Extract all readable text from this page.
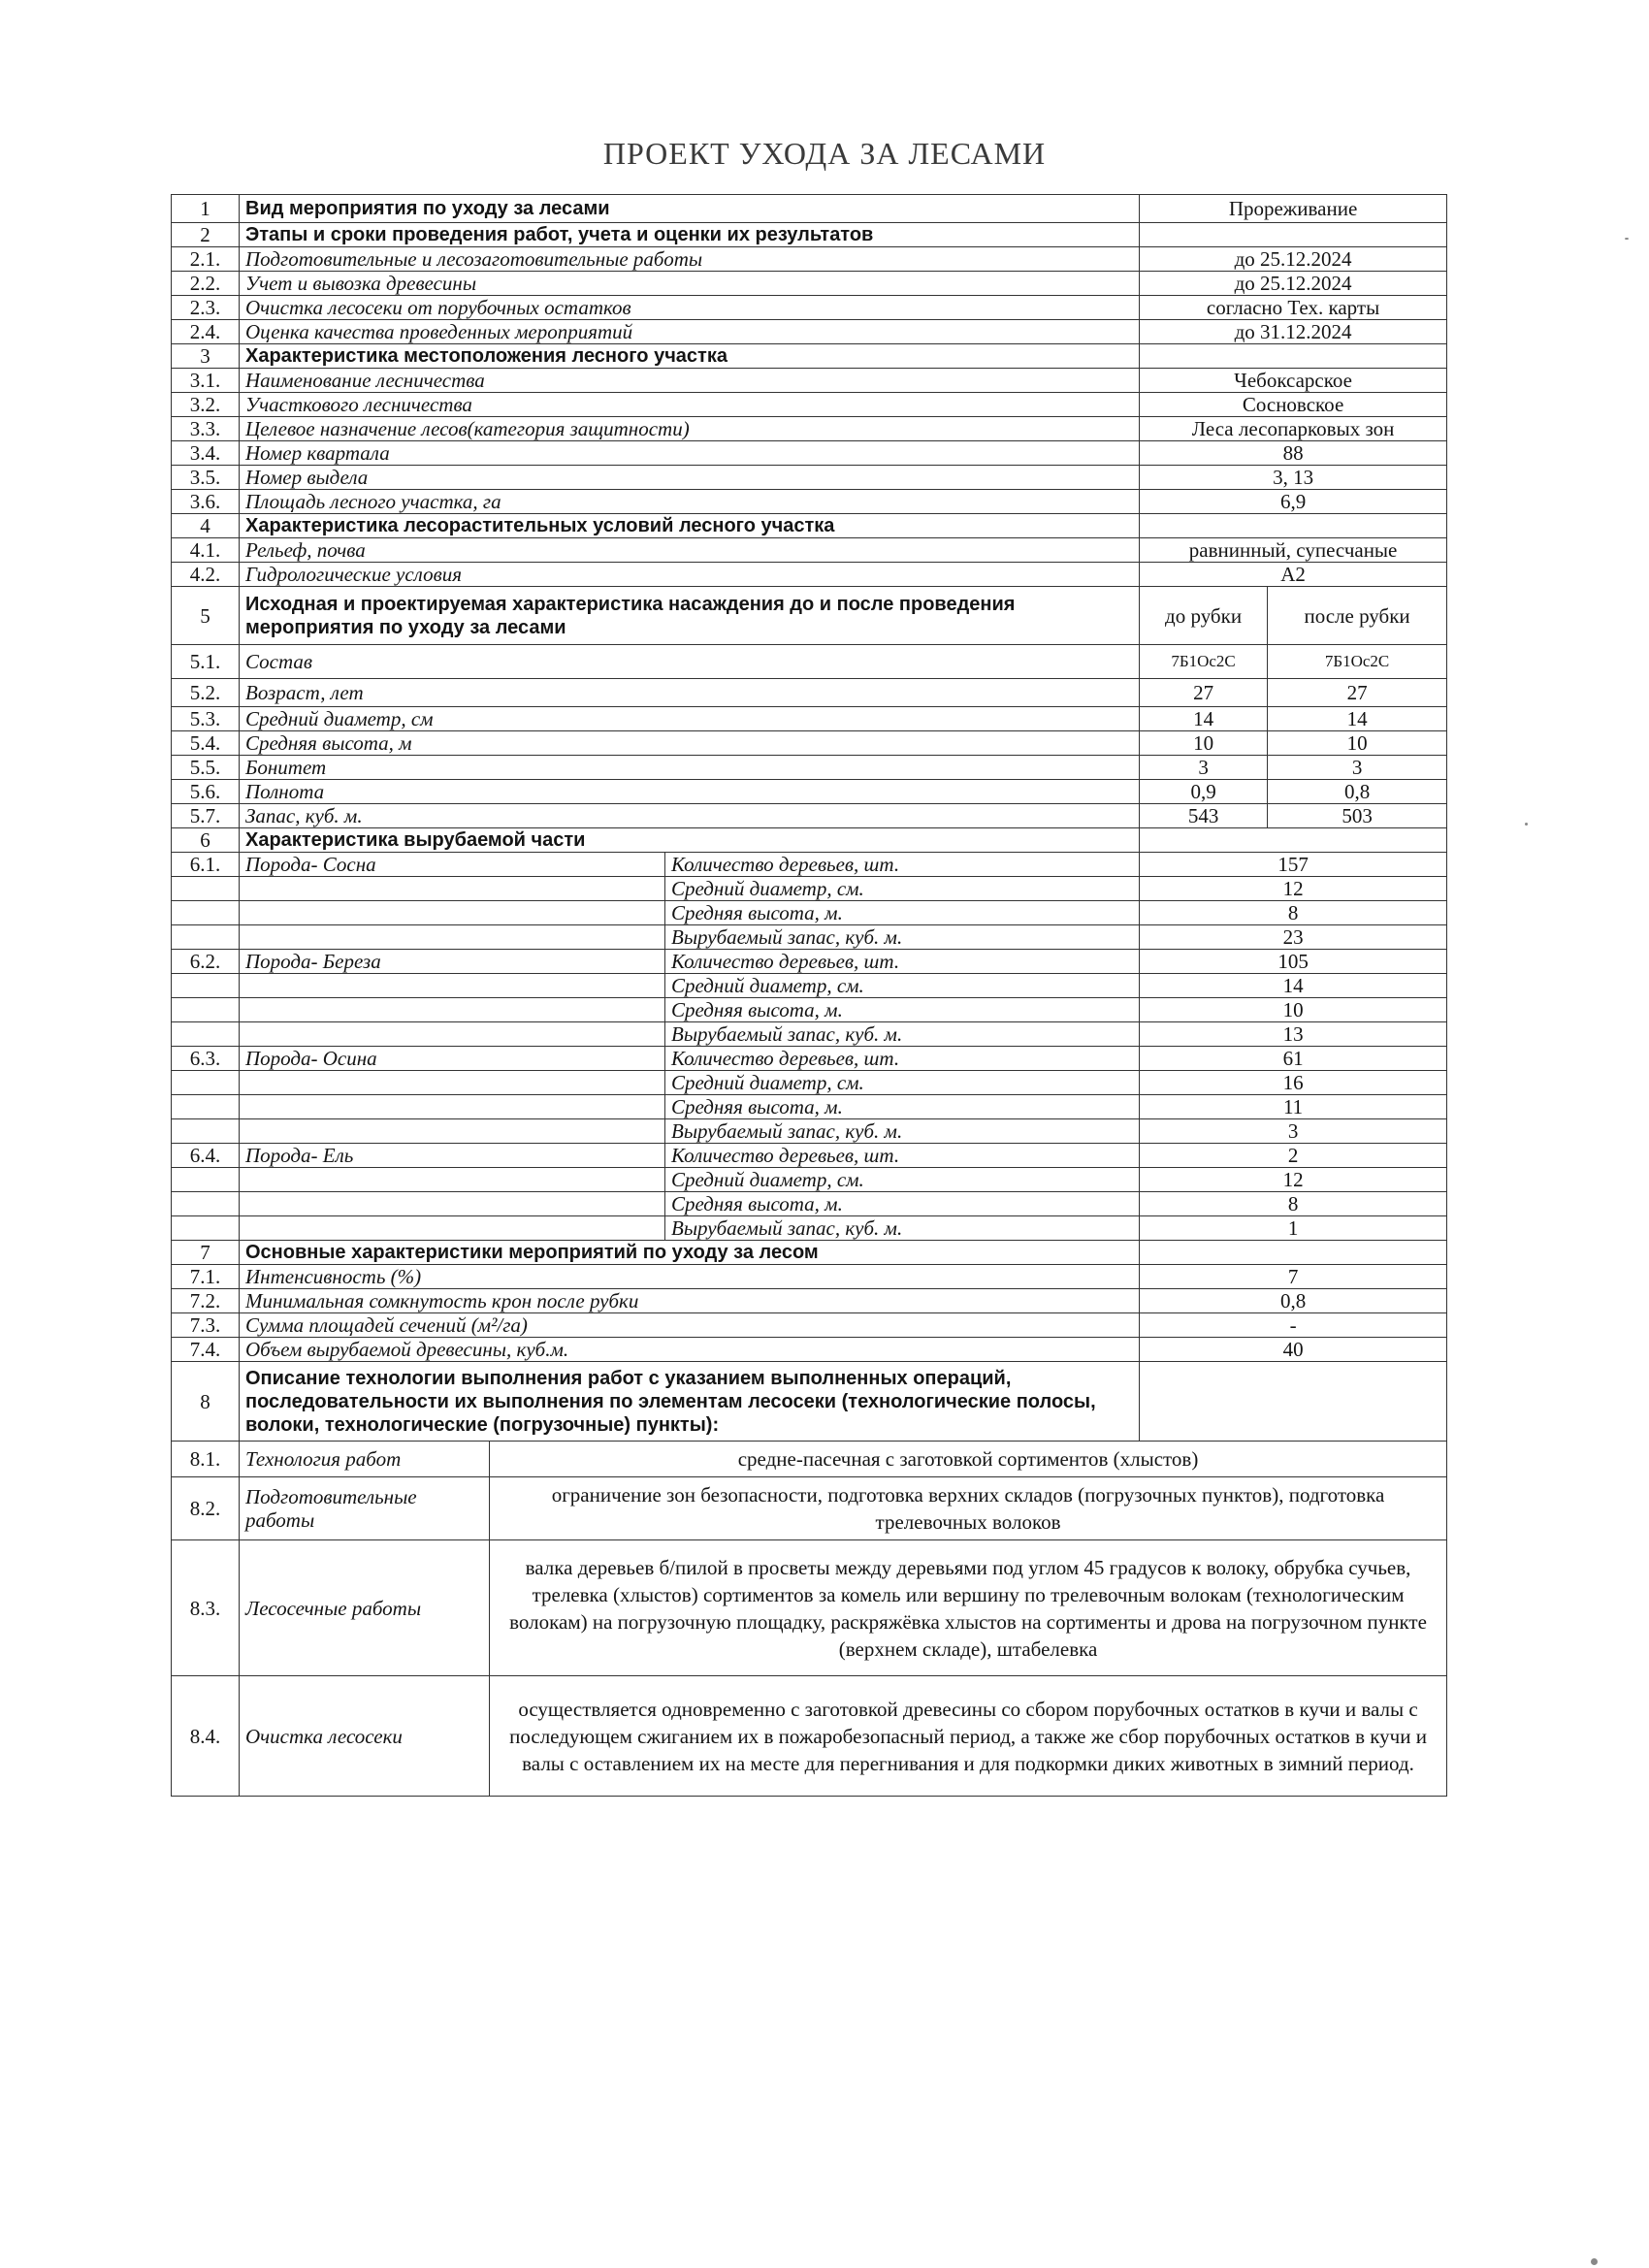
ПРОЕКТ УХОДА ЗА ЛЕСАМИ
1	Вид мероприятия по уходу за лесами			Прореживание	
2	Этапы и сроки проведения работ, учета и оценки их результатов				
2.1.	Подготовительные и лесозаготовительные работы			до 25.12.2024	
2.2.	Учет и вывозка древесины			до 25.12.2024	
2.3.	Очистка лесосеки от порубочных остатков			согласно Тех. карты	
2.4.	Оценка качества проведенных мероприятий			до 31.12.2024	
3	Характеристика местоположения лесного участка				
3.1.	Наименование лесничества			Чебоксарское	
3.2.	Участкового лесничества			Сосновское	
3.3.	Целевое назначение лесов(категория защитности)			Леса лесопарковых зон	
3.4.	Номер квартала			88	
3.5.	Номер выдела			3, 13	
3.6.	Площадь лесного участка, га			6,9	
4	Характеристика лесорастительных условий лесного участка				
4.1.	Рельеф, почва			равнинный, супесчаные	
4.2.	Гидрологические условия			А2	
5	Исходная и проектируемая характеристика насаждения до и после проведения мероприятия по уходу за лесами			до рубки	после рубки
5.1.	Состав			7Б1Ос2С	7Б1Ос2С
5.2.	Возраст, лет			27	27
5.3.	Средний диаметр, см			14	14
5.4.	Средняя высота, м			10	10
5.5.	Бонитет			3	3
5.6.	Полнота			0,9	0,8
5.7.	Запас, куб. м.			543	503
6	Характеристика вырубаемой части				
6.1.	Порода- Сосна		Количество деревьев, шт.	157	
			Средний диаметр, см.	12	
			Средняя высота, м.	8	
			Вырубаемый запас, куб. м.	23	
6.2.	Порода- Береза		Количество деревьев, шт.	105	
			Средний диаметр, см.	14	
			Средняя высота, м.	10	
			Вырубаемый запас, куб. м.	13	
6.3.	Порода- Осина		Количество деревьев, шт.	61	
			Средний диаметр, см.	16	
			Средняя высота, м.	11	
			Вырубаемый запас, куб. м.	3	
6.4.	Порода- Ель		Количество деревьев, шт.	2	
			Средний диаметр, см.	12	
			Средняя высота, м.	8	
			Вырубаемый запас, куб. м.	1	
7	Основные характеристики мероприятий по уходу за лесом				
7.1.	Интенсивность (%)			7	
7.2.	Минимальная сомкнутость крон после рубки			0,8	
7.3.	Сумма площадей сечений (м²/га)			-	
7.4.	Объем вырубаемой древесины, куб.м.			40	
8	Описание технологии выполнения работ с указанием выполненных операций, последовательности их выполнения по элементам лесосеки (технологические полосы, волоки, технологические (погрузочные) пункты):				
8.1.	Технология работ	средне-пасечная с заготовкой сортиментов (хлыстов)			
8.2.	Подготовительные работы	ограничение зон безопасности, подготовка верхних складов (погрузочных пунктов), подготовка трелевочных волоков			
8.3.	Лесосечные работы	валка деревьев б/пилой в просветы между деревьями под углом 45 градусов к волоку, обрубка сучьев, трелевка (хлыстов) сортиментов за комель или вершину по трелевочным волокам (технологическим волокам) на погрузочную площадку, раскряжёвка хлыстов на сортименты и дрова на погрузочном пункте (верхнем складе), штабелевка			
8.4.	Очистка лесосеки	осуществляется одновременно с заготовкой древесины со сбором порубочных остатков в кучи и валы с последующем сжиганием их в пожаробезопасный период, а также же сбор порубочных остатков в кучи и валы с оставлением их на месте для перегнивания и для подкормки диких животных в зимний период.			
